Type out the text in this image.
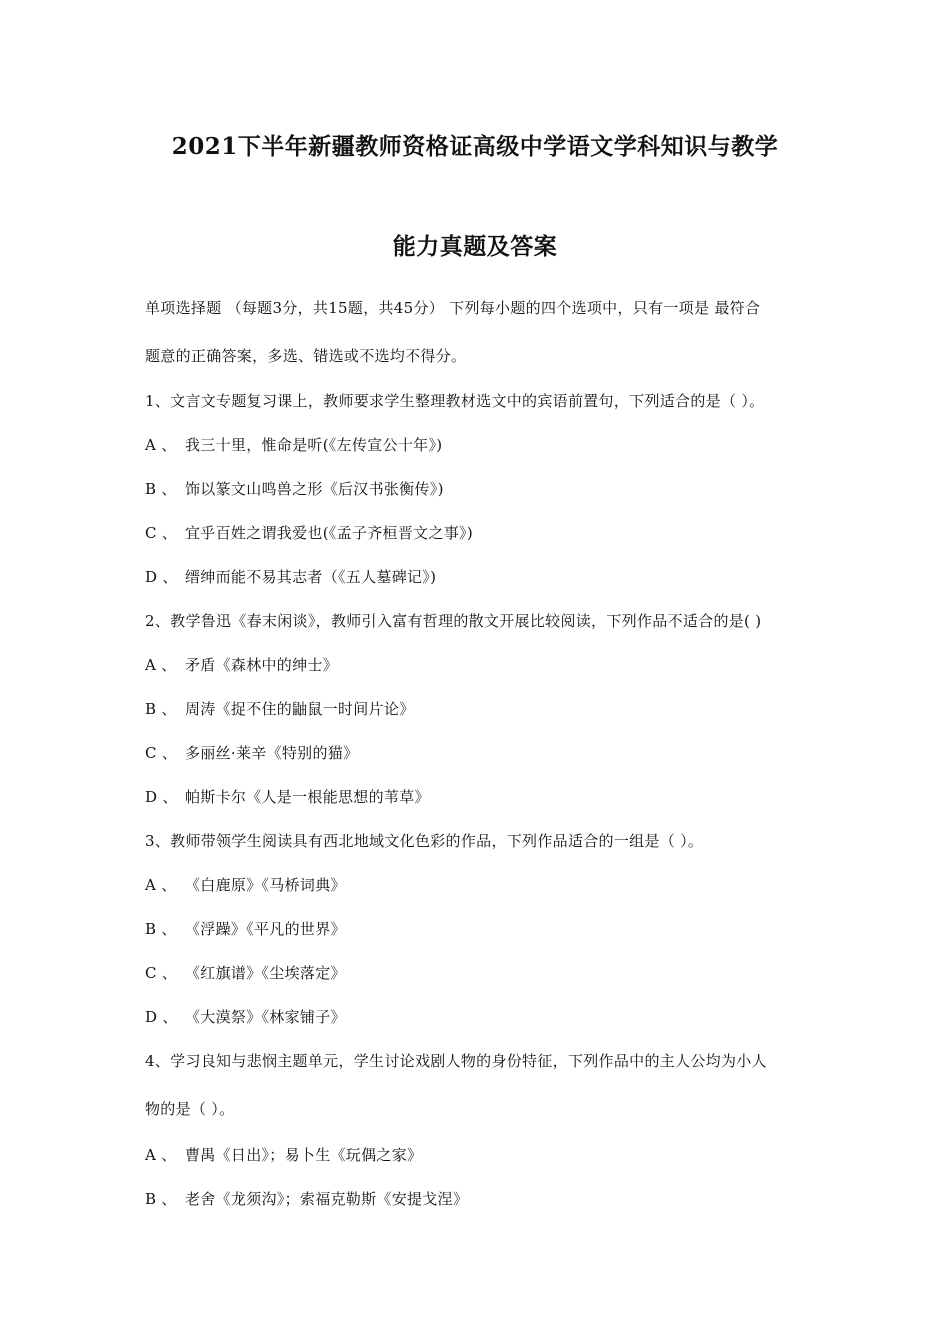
2021下半年新疆教师资格证高级中学语文学科知识与教学
能力真题及答案
单项选择题 （每题3分，共15题，共45分） 下列每小题的四个选项中，只有一项是 最符合
题意的正确答案，多选、错选或不选均不得分。
1、文言文专题复习课上，教师要求学生整理教材选文中的宾语前置句，下列适合的是（ ）。
A 、 我三十里，惟命是听(《左传宣公十年》)
B 、 饰以篆文山鸣兽之形《后汉书张衡传》)
C 、 宜乎百姓之谓我爱也(《孟子齐桓晋文之事》)
D 、 缙绅而能不易其志者（《五人墓碑记》)
2、教学鲁迅《春末闲谈》，教师引入富有哲理的散文开展比较阅读，下列作品不适合的是( )
A 、 矛盾《森林中的绅士》
B 、 周涛《捉不住的鼬鼠一时间片论》
C 、 多丽丝·莱辛《特别的猫》
D 、 帕斯卡尔《人是一根能思想的苇草》
3、教师带领学生阅读具有西北地域文化色彩的作品，下列作品适合的一组是（ ）。
A 、 《白鹿原》《马桥词典》
B 、 《浮躁》《平凡的世界》
C 、 《红旗谱》《尘埃落定》
D 、 《大漠祭》《林家铺子》
4、学习良知与悲悯主题单元，学生讨论戏剧人物的身份特征，下列作品中的主人公均为小人
物的是（ ）。
A 、 曹禺《日出》；易卜生《玩偶之家》
B 、 老舍《龙须沟》；索福克勒斯《安提戈涅》
